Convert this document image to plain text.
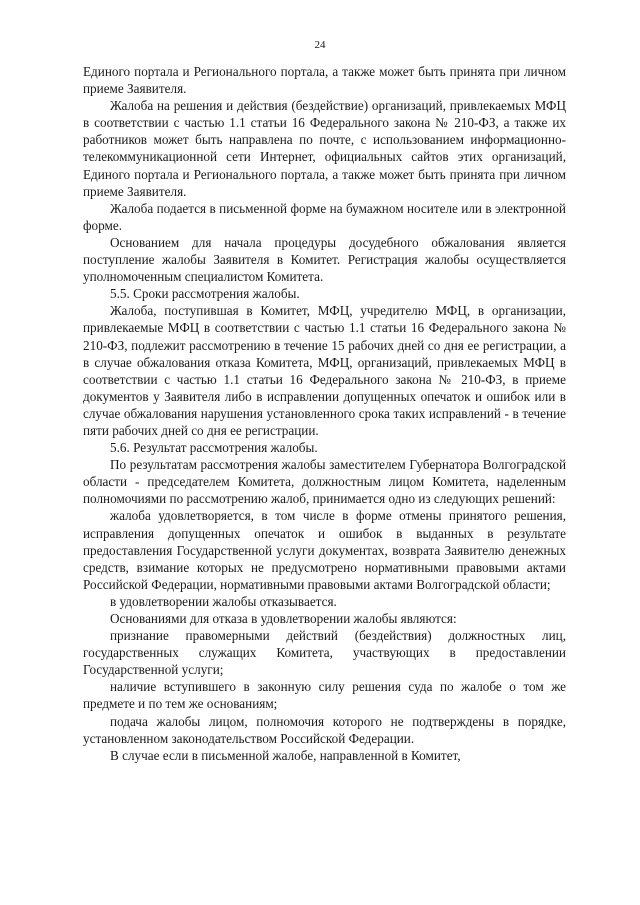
24

Единого портала и Регионального портала, а также может быть принята при личном приеме Заявителя.

Жалоба на решения и действия (бездействие) организаций, привлекаемых МФЦ в соответствии с частью 1.1 статьи 16 Федерального закона № 210-ФЗ, а также их работников может быть направлена по почте, с использованием информационно-телекоммуникационной сети Интернет, официальных сайтов этих организаций, Единого портала и Регионального портала, а также может быть принята при личном приеме Заявителя.

Жалоба подается в письменной форме на бумажном носителе или в электронной форме.

Основанием для начала процедуры досудебного обжалования является поступление жалобы Заявителя в Комитет. Регистрация жалобы осуществляется уполномоченным специалистом Комитета.

5.5. Сроки рассмотрения жалобы.

Жалоба, поступившая в Комитет, МФЦ, учредителю МФЦ, в организации, привлекаемые МФЦ в соответствии с частью 1.1 статьи 16 Федерального закона № 210-ФЗ, подлежит рассмотрению в течение 15 рабочих дней со дня ее регистрации, а в случае обжалования отказа Комитета, МФЦ, организаций, привлекаемых МФЦ в соответствии с частью 1.1 статьи 16 Федерального закона № 210-ФЗ, в приеме документов у Заявителя либо в исправлении допущенных опечаток и ошибок или в случае обжалования нарушения установленного срока таких исправлений - в течение пяти рабочих дней со дня ее регистрации.

5.6. Результат рассмотрения жалобы.

По результатам рассмотрения жалобы заместителем Губернатора Волгоградской области - председателем Комитета, должностным лицом Комитета, наделенным полномочиями по рассмотрению жалоб, принимается одно из следующих решений:

жалоба удовлетворяется, в том числе в форме отмены принятого решения, исправления допущенных опечаток и ошибок в выданных в результате предоставления Государственной услуги документах, возврата Заявителю денежных средств, взимание которых не предусмотрено нормативными правовыми актами Российской Федерации, нормативными правовыми актами Волгоградской области;

в удовлетворении жалобы отказывается.

Основаниями для отказа в удовлетворении жалобы являются:

признание правомерными действий (бездействия) должностных лиц, государственных служащих Комитета, участвующих в предоставлении Государственной услуги;

наличие вступившего в законную силу решения суда по жалобе о том же предмете и по тем же основаниям;

подача жалобы лицом, полномочия которого не подтверждены в порядке, установленном законодательством Российской Федерации.

В случае если в письменной жалобе, направленной в Комитет,
